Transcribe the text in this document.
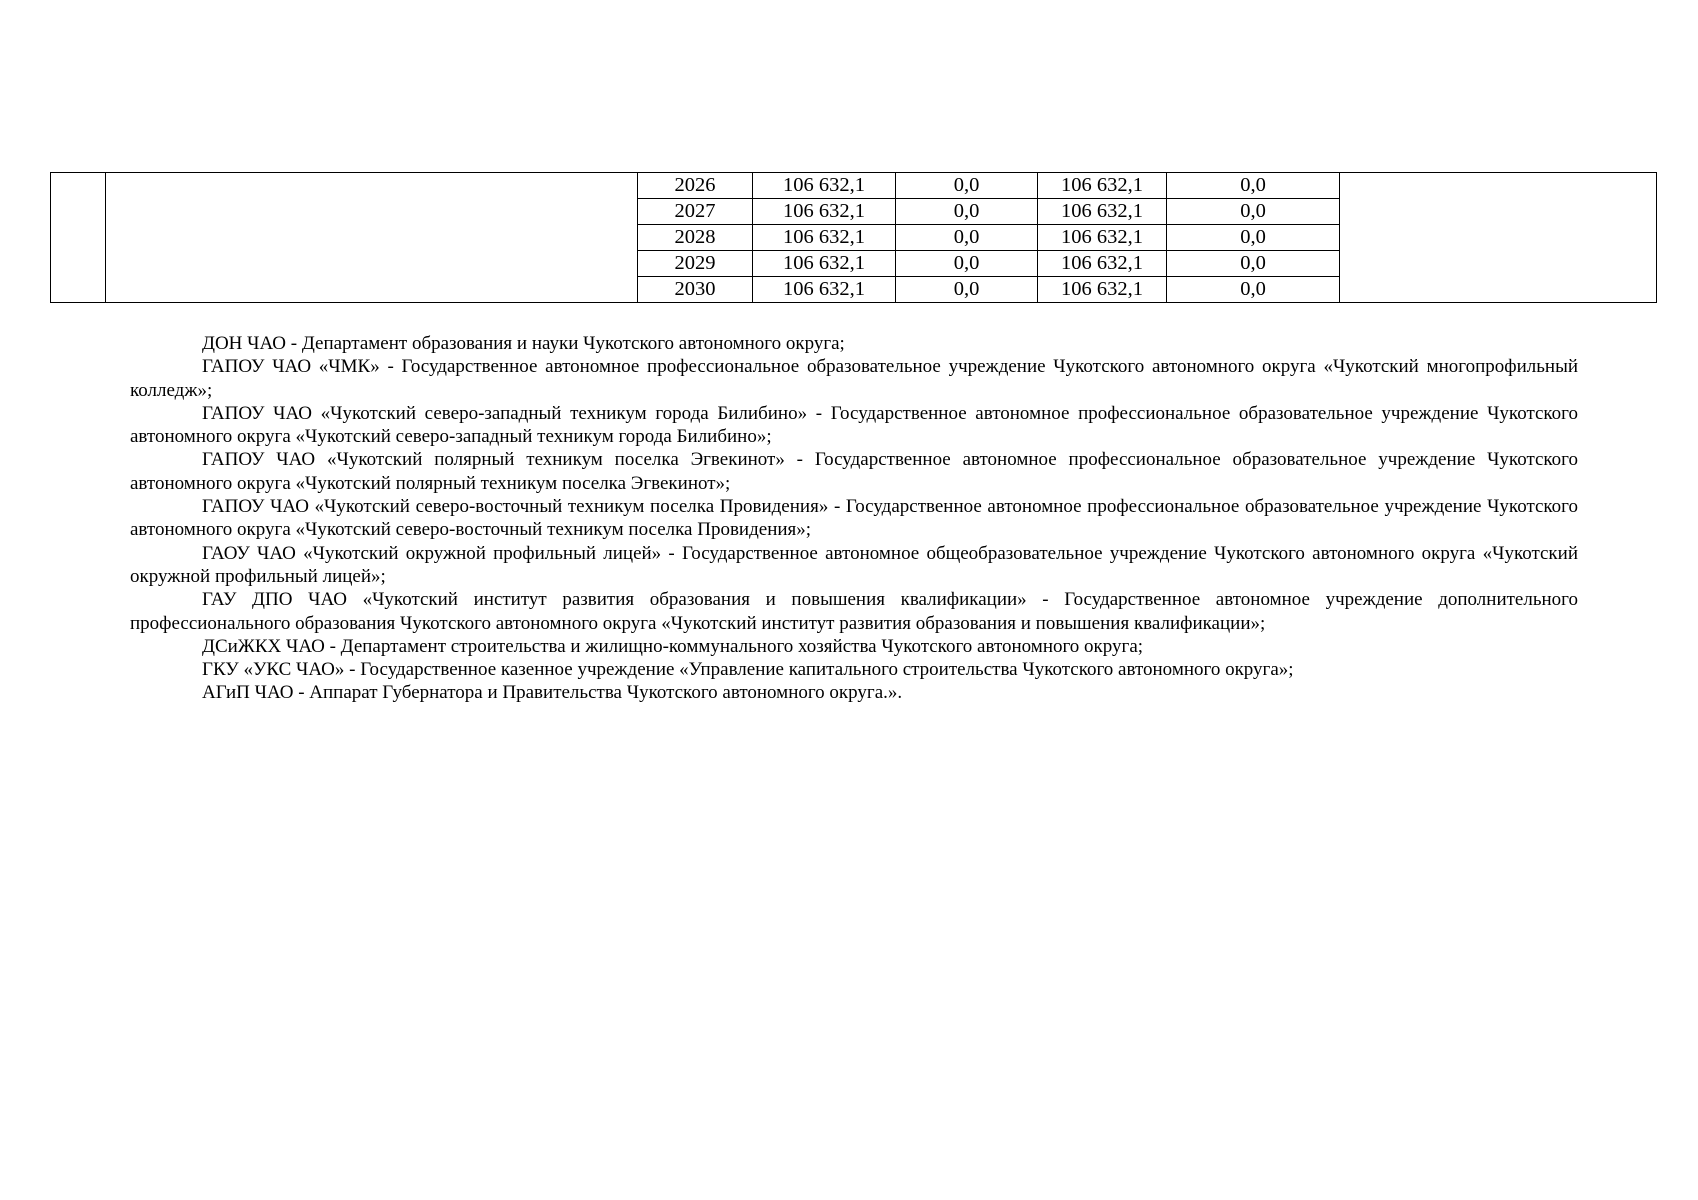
		2026	106 632,1	0,0	106 632,1	0,0	
		2027	106 632,1	0,0	106 632,1	0,0	
		2028	106 632,1	0,0	106 632,1	0,0	
		2029	106 632,1	0,0	106 632,1	0,0	
		2030	106 632,1	0,0	106 632,1	0,0	

ДОН ЧАО - Департамент образования и науки Чукотского автономного округа;

ГАПОУ ЧАО «ЧМК» - Государственное автономное профессиональное образовательное учреждение Чукотского автономного округа «Чукотский многопрофильный колледж»;

ГАПОУ ЧАО «Чукотский северо-западный техникум города Билибино» - Государственное автономное профессиональное образовательное учреждение Чукотского автономного округа «Чукотский северо-западный техникум города Билибино»;

ГАПОУ ЧАО «Чукотский полярный техникум поселка Эгвекинот» - Государственное автономное профессиональное образовательное учреждение Чукотского автономного округа «Чукотский полярный техникум поселка Эгвекинот»;

ГАПОУ ЧАО «Чукотский северо-восточный техникум поселка Провидения» - Государственное автономное профессиональное образовательное учреждение Чукотского автономного округа «Чукотский северо-восточный техникум поселка Провидения»;

ГАОУ ЧАО «Чукотский окружной профильный лицей» - Государственное автономное общеобразовательное учреждение Чукотского автономного округа «Чукотский окружной профильный лицей»;

ГАУ ДПО ЧАО «Чукотский институт развития образования и повышения квалификации» - Государственное автономное учреждение дополнительного профессионального образования Чукотского автономного округа «Чукотский институт развития образования и повышения квалификации»;

ДСиЖКХ ЧАО - Департамент строительства и жилищно-коммунального хозяйства Чукотского автономного округа;

ГКУ «УКС ЧАО» - Государственное казенное учреждение «Управление капитального строительства Чукотского автономного округа»;

АГиП ЧАО - Аппарат Губернатора и Правительства Чукотского автономного округа.».
